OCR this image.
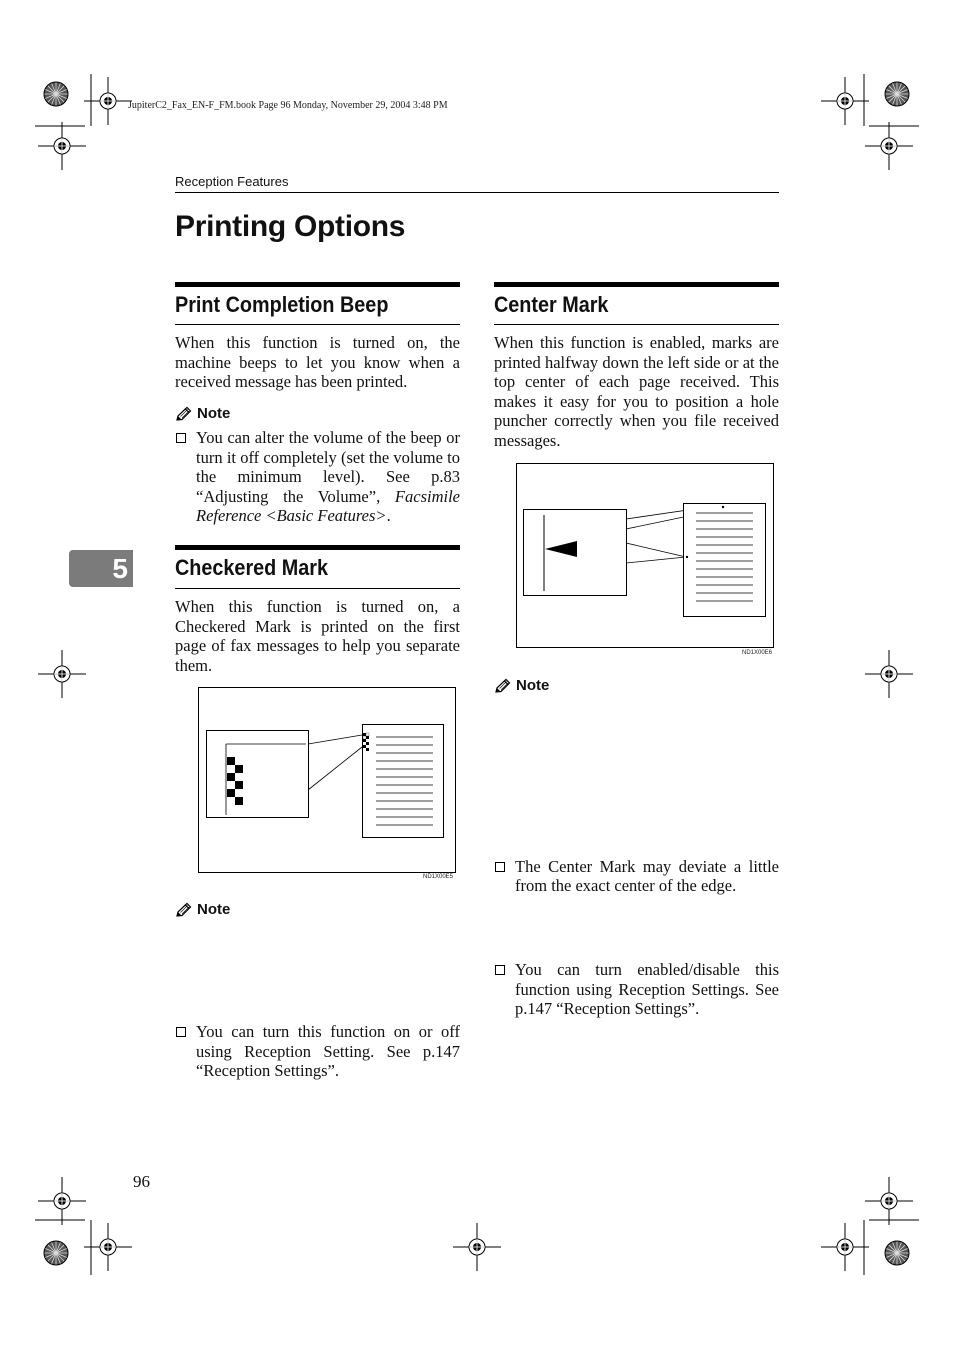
JupiterC2_Fax_EN-F_FM.book Page 96 Monday, November 29, 2004 3:48 PM
Reception Features
Printing Options
5
Print Completion Beep
When this function is turned on, the machine beeps to let you know when a received message has been printed.
Note
You can alter the volume of the beep or turn it off completely (set the volume to the minimum level). See p.83 “Adjusting the Volume”, Facsimile Reference <Basic Features>.
Checkered Mark
When this function is turned on, a Checkered Mark is printed on the first page of fax messages to help you separate them.
ND1X00E5
Note
You can turn this function on or off using Reception Setting. See p.147 “Reception Settings”.
Center Mark
When this function is enabled, marks are printed halfway down the left side or at the top center of each page received. This makes it easy for you to position a hole puncher correctly when you file received messages.
ND1X00E6
Note
The Center Mark may deviate a little from the exact center of the edge.
You can turn enabled/disable this function using Reception Settings. See p.147 “Reception Settings”.
96
